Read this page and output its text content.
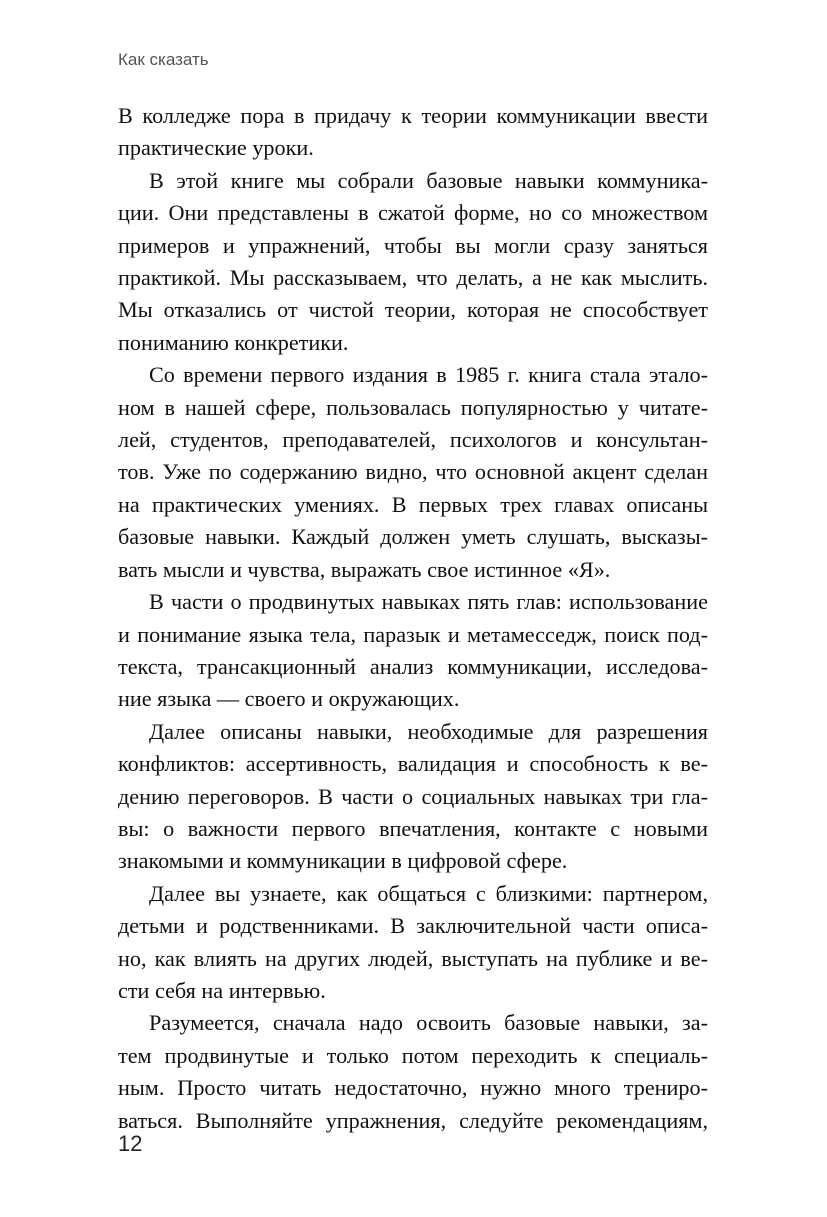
Как сказать

В колледже пора в придачу к теории коммуникации ввести
практические уроки.

В этой книге мы собрали базовые навыки коммуника-
ции. Они представлены в сжатой форме, но со множеством
примеров и упражнений, чтобы вы могли сразу заняться
практикой. Мы рассказываем, что делать, а не как мыслить.
Мы отказались от чистой теории, которая не способствует
пониманию конкретики.

Со времени первого издания в 1985 г. книга стала эталo-
ном в нашей сфере, пользовалась популярностью у читате-
лей, студентов, преподавателей, психологов и консультан-
тов. Уже по содержанию видно, что основной акцент сделан
на практических умениях. В первых трех главах описаны
базовые навыки. Каждый должен уметь слушать, высказы-
вать мысли и чувства, выражать свое истинное «Я».

В части о продвинутых навыках пять глав: использование
и понимание языка тела, паразык и метамесседж, поиск под-
текста, трансакционный анализ коммуникации, исследова-
ние языка — своего и окружающих.

Далее описаны навыки, необходимые для разрешения
конфликтов: ассертивность, валидация и способность к ве-
дению переговоров. В части о социальных навыках три гла-
вы: о важности первого впечатления, контакте с новыми
знакомыми и коммуникации в цифровой сфере.

Далее вы узнаете, как общаться с близкими: партнером,
детьми и родственниками. В заключительной части описа-
но, как влиять на других людей, выступать на публике и ве-
сти себя на интервью.

Разумеется, сначала надо освоить базовые навыки, за-
тем продвинутые и только потом переходить к специаль-
ным. Просто читать недостаточно, нужно много трениро-
ваться. Выполняйте упражнения, следуйте рекомендациям,

12
